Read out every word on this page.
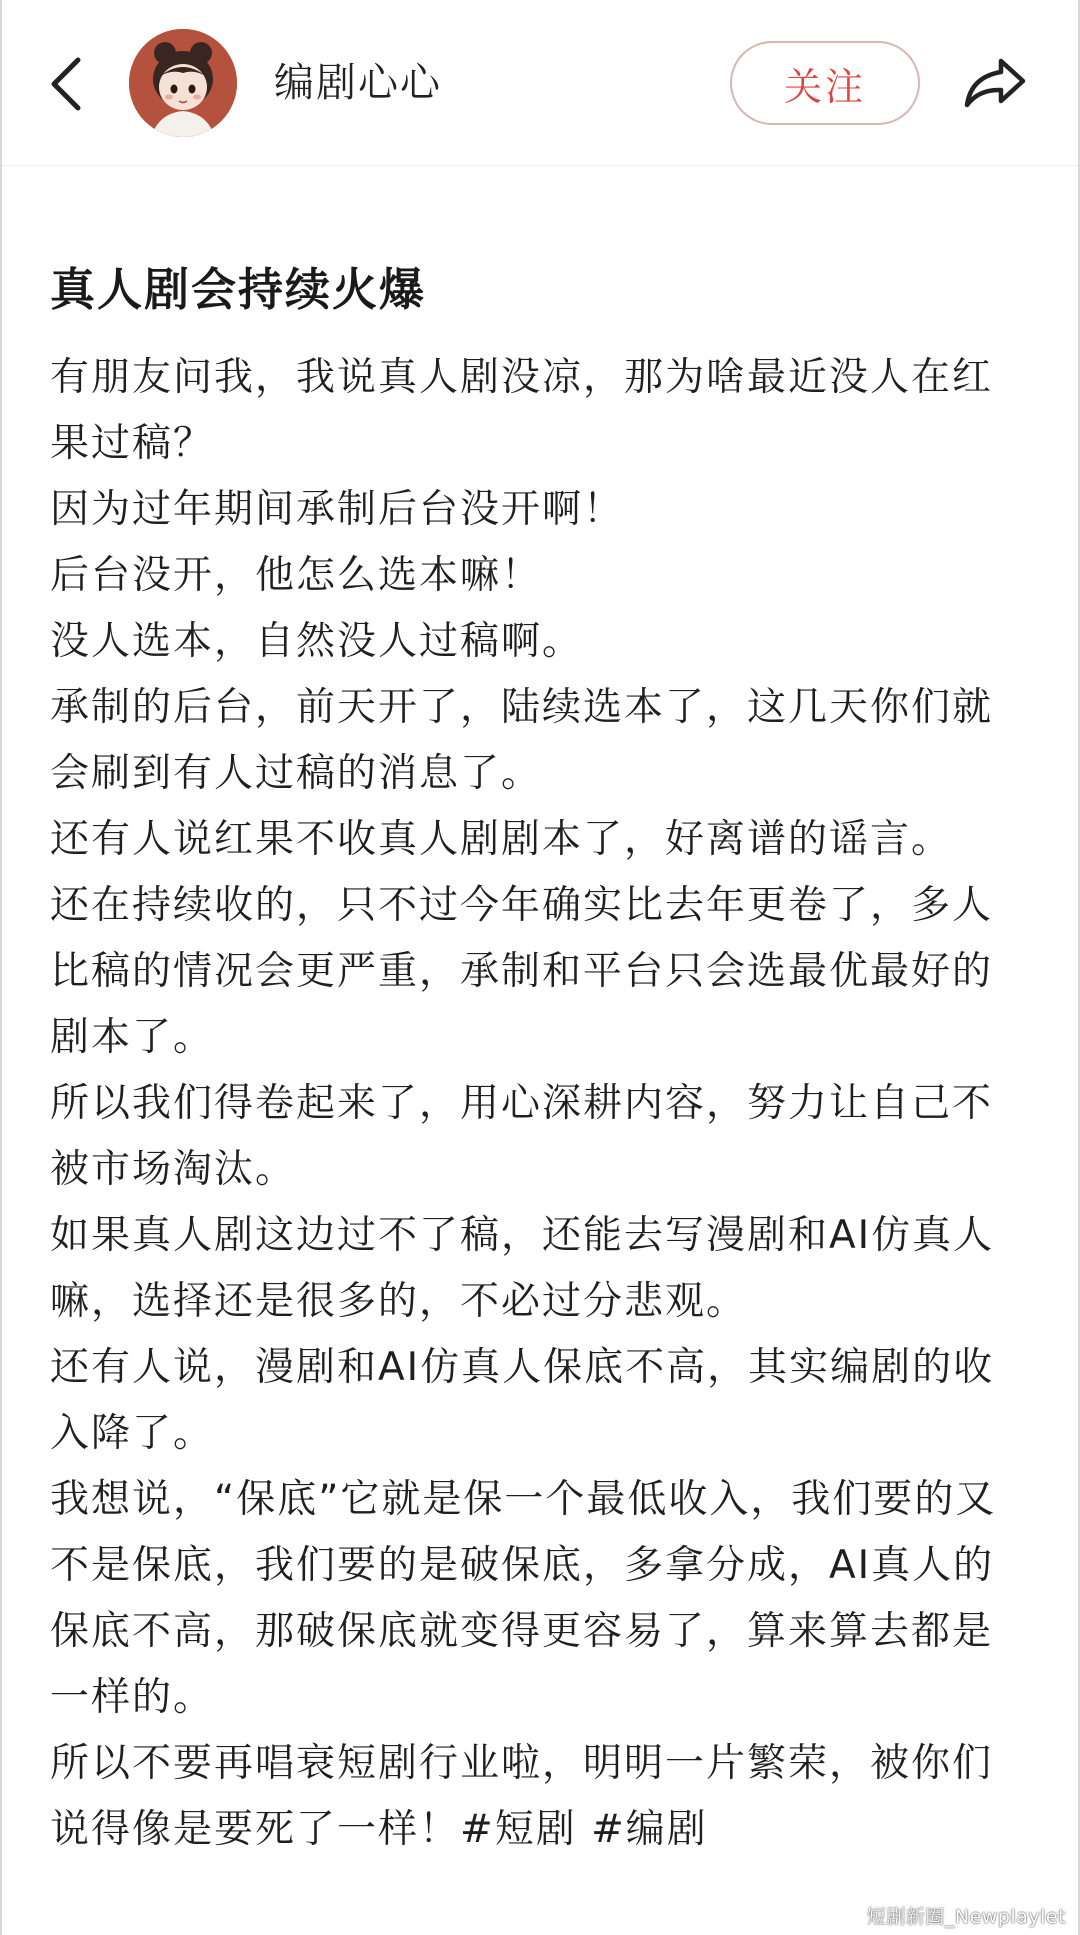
编剧心心	关注
真人剧会持续火爆

有朋友问我，我说真人剧没凉，那为啥最近没人在红果过稿？

因为过年期间承制后台没开啊！

后台没开，他怎么选本嘛！

没人选本，自然没人过稿啊。

承制的后台，前天开了，陆续选本了，这几天你们就会刷到有人过稿的消息了。

还有人说红果不收真人剧剧本了，好离谱的谣言。

还在持续收的，只不过今年确实比去年更卷了，多人比稿的情况会更严重，承制和平台只会选最优最好的剧本了。

所以我们得卷起来了，用心深耕内容，努力让自己不被市场淘汰。

如果真人剧这边过不了稿，还能去写漫剧和AI仿真人嘛，选择还是很多的，不必过分悲观。

还有人说，漫剧和AI仿真人保底不高，其实编剧的收入降了。

我想说，“保底”它就是保一个最低收入，我们要的又不是保底，我们要的是破保底，多拿分成，AI真人的保底不高，那破保底就变得更容易了，算来算去都是一样的。

所以不要再唱衰短剧行业啦，明明一片繁荣，被你们说得像是要死了一样！#短剧 #编剧

短剧新圈_Newplaylet
